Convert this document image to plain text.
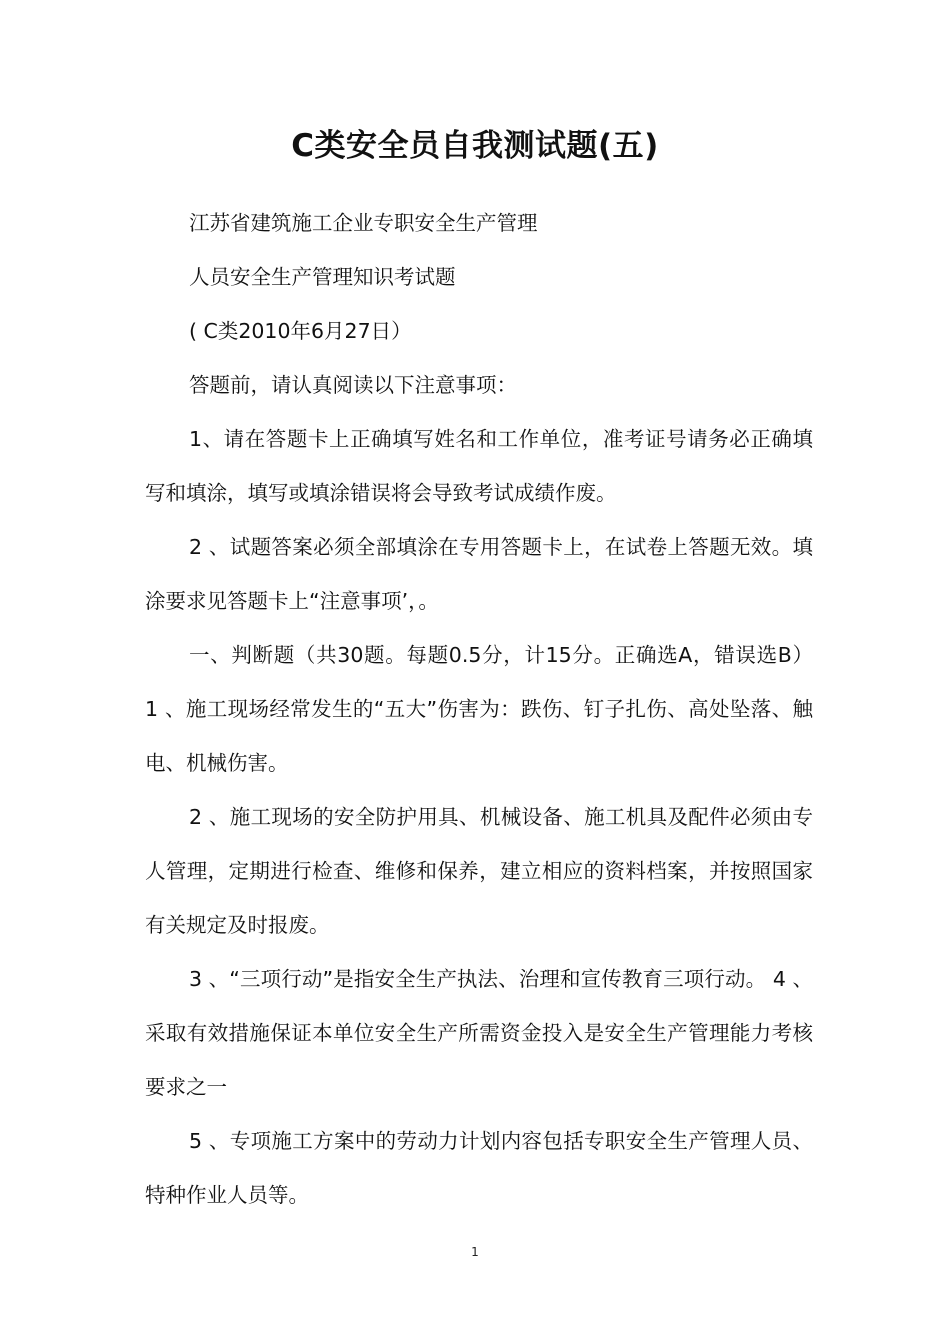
C类安全员自我测试题(五)

江苏省建筑施工企业专职安全生产管理

人员安全生产管理知识考试题

( C类2010年6月27日）

答题前，请认真阅读以下注意事项：

1、请在答题卡上正确填写姓名和工作单位，准考证号请务必正确填写和填涂，填写或填涂错误将会导致考试成绩作废。

2 、试题答案必须全部填涂在专用答题卡上，在试卷上答题无效。填涂要求见答题卡上“注意事项’，。

一、判断题（共30题。每题0.5分，计15分。正确选A，错误选B） 1 、施工现场经常发生的“五大”伤害为：跌伤、钉子扎伤、高处坠落、触电、机械伤害。

2 、施工现场的安全防护用具、机械设备、施工机具及配件必须由专人管理，定期进行检查、维修和保养，建立相应的资料档案，并按照国家有关规定及时报废。

3 、“三项行动”是指安全生产执法、治理和宣传教育三项行动。 4 、采取有效措施保证本单位安全生产所需资金投入是安全生产管理能力考核要求之一

5 、专项施工方案中的劳动力计划内容包括专职安全生产管理人员、特种作业人员等。

1
